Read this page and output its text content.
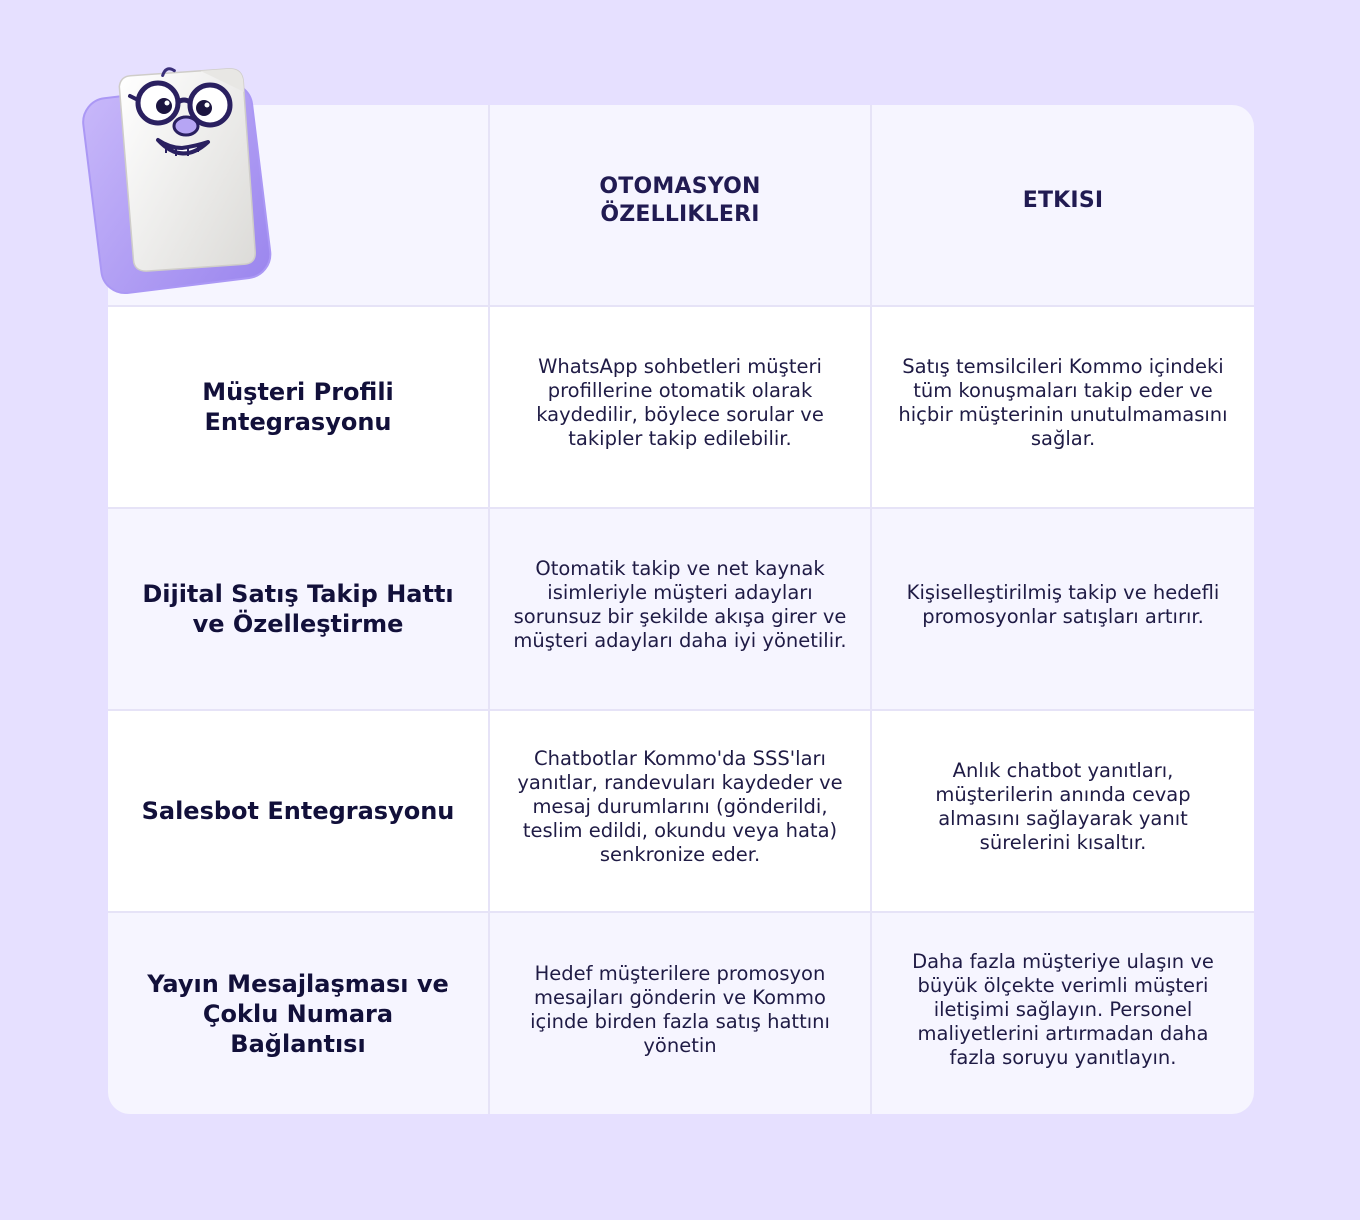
OTOMASYON ÖZELLIKLERI
ETKISI
Müşteri Profili Entegrasyonu
WhatsApp sohbetleri müşteri profillerine otomatik olarak kaydedilir, böylece sorular ve takipler takip edilebilir.
Satış temsilcileri Kommo içindeki tüm konuşmaları takip eder ve hiçbir müşterinin unutulmamasını sağlar.
Dijital Satış Takip Hattı ve Özelleştirme
Otomatik takip ve net kaynak isimleriyle müşteri adayları sorunsuz bir şekilde akışa girer ve müşteri adayları daha iyi yönetilir.
Kişiselleştirilmiş takip ve hedefli promosyonlar satışları artırır.
Salesbot Entegrasyonu
Chatbotlar Kommo'da SSS'ları yanıtlar, randevuları kaydeder ve mesaj durumlarını (gönderildi, teslim edildi, okundu veya hata) senkronize eder.
Anlık chatbot yanıtları, müşterilerin anında cevap almasını sağlayarak yanıt sürelerini kısaltır.
Yayın Mesajlaşması ve Çoklu Numara Bağlantısı
Hedef müşterilere promosyon mesajları gönderin ve Kommo içinde birden fazla satış hattını yönetin
Daha fazla müşteriye ulaşın ve büyük ölçekte verimli müşteri iletişimi sağlayın. Personel maliyetlerini artırmadan daha fazla soruyu yanıtlayın.
